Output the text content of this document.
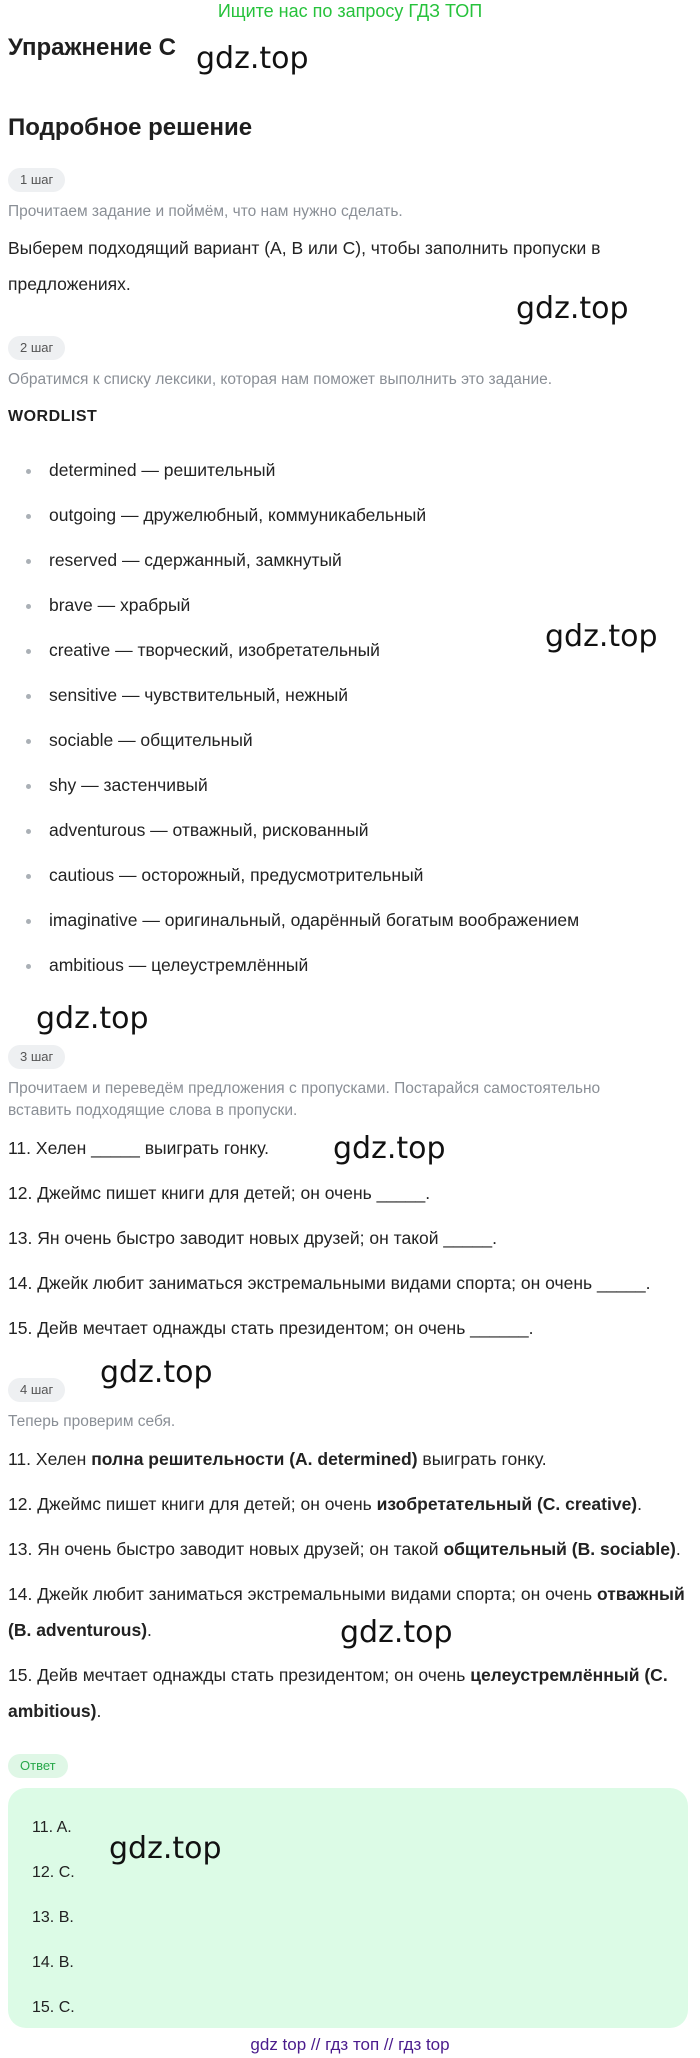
Ищите нас по запросу ГДЗ ТОП
Упражнение C
Подробное решение
1 шаг
Прочитаем задание и поймём, что нам нужно сделать.
Выберем подходящий вариант (А, B или C), чтобы заполнить пропуски в предложениях.
2 шаг
Обратимся к списку лексики, которая нам поможет выполнить это задание.
WORDLIST
determined — решительный
outgoing — дружелюбный, коммуникабельный
reserved — сдержанный, замкнутый
brave — храбрый
creative — творческий, изобретательный
sensitive — чувствительный, нежный
sociable — общительный
shy — застенчивый
adventurous — отважный, рискованный
cautious — осторожный, предусмотрительный
imaginative — оригинальный, одарённый богатым воображением
ambitious — целеустремлённый
3 шаг
Прочитаем и переведём предложения с пропусками. Постарайся самостоятельно вставить подходящие слова в пропуски.
11. Хелен _____ выиграть гонку.
12. Джеймс пишет книги для детей; он очень _____.
13. Ян очень быстро заводит новых друзей; он такой _____.
14. Джейк любит заниматься экстремальными видами спорта; он очень _____.
15. Дейв мечтает однажды стать президентом; он очень ______.
4 шаг
Теперь проверим себя.
11. Хелен полна решительности (A. determined) выиграть гонку.
12. Джеймс пишет книги для детей; он очень изобретательный (C. creative).
13. Ян очень быстро заводит новых друзей; он такой общительный (B. sociable).
14. Джейк любит заниматься экстремальными видами спорта; он очень отважный (B. adventurous).
15. Дейв мечтает однажды стать президентом; он очень целеустремлённый (C. ambitious).
Ответ
11. A.
12. C.
13. B.
14. B.
15. C.
gdz.top
gdz.top
gdz.top
gdz.top
gdz.top
gdz.top
gdz.top
gdz.top
gdz top // гдз топ // гдз top
